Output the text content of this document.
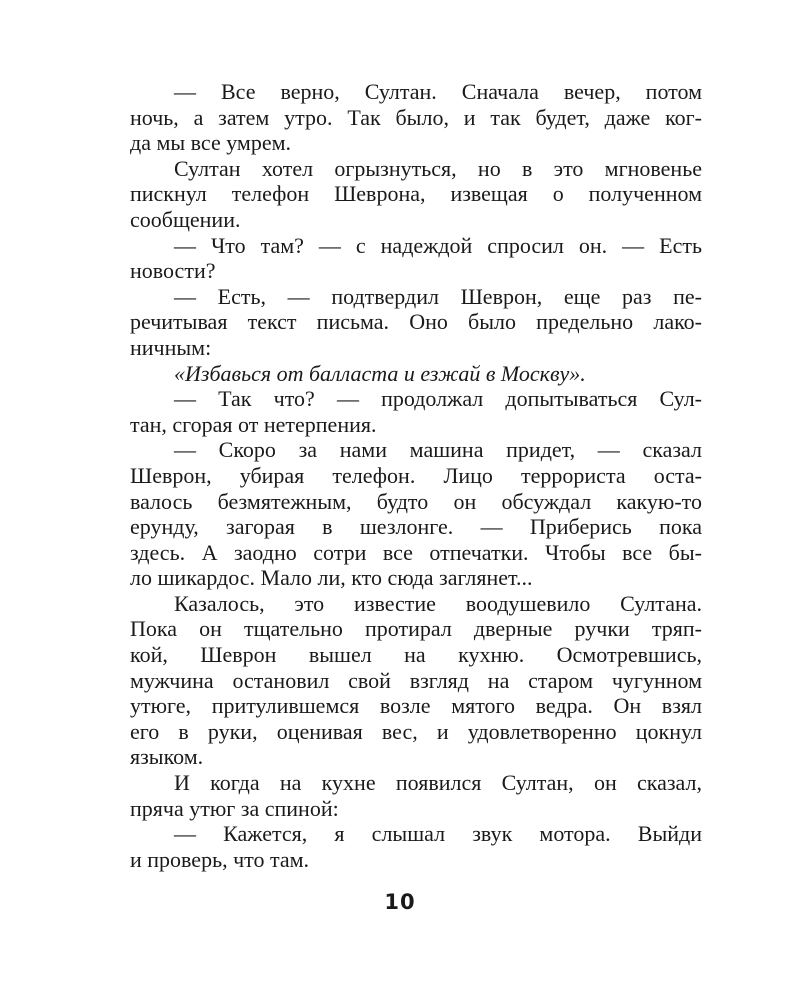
— Все верно, Султан. Сначала вечер, потом
ночь, а затем утро. Так было, и так будет, даже ког-
да мы все умрем.
Султан хотел огрызнуться, но в это мгновенье
пискнул телефон Шеврона, извещая о полученном
сообщении.
— Что там? — с надеждой спросил он. — Есть
новости?
— Есть, — подтвердил Шеврон, еще раз пе-
речитывая текст письма. Оно было предельно лако-
ничным:
«Избавься от балласта и езжай в Москву».
— Так что? — продолжал допытываться Сул-
тан, сгорая от нетерпения.
— Скоро за нами машина придет, — сказал
Шеврон, убирая телефон. Лицо террориста оста-
валось безмятежным, будто он обсуждал какую-то
ерунду, загорая в шезлонге. — Приберись пока
здесь. А заодно сотри все отпечатки. Чтобы все бы-
ло шикардос. Мало ли, кто сюда заглянет...
Казалось, это известие воодушевило Султана.
Пока он тщательно протирал дверные ручки тряп-
кой, Шеврон вышел на кухню. Осмотревшись,
мужчина остановил свой взгляд на старом чугунном
утюге, притулившемся возле мятого ведра. Он взял
его в руки, оценивая вес, и удовлетворенно цокнул
языком.
И когда на кухне появился Султан, он сказал,
пряча утюг за спиной:
— Кажется, я слышал звук мотора. Выйди
и проверь, что там.
10
